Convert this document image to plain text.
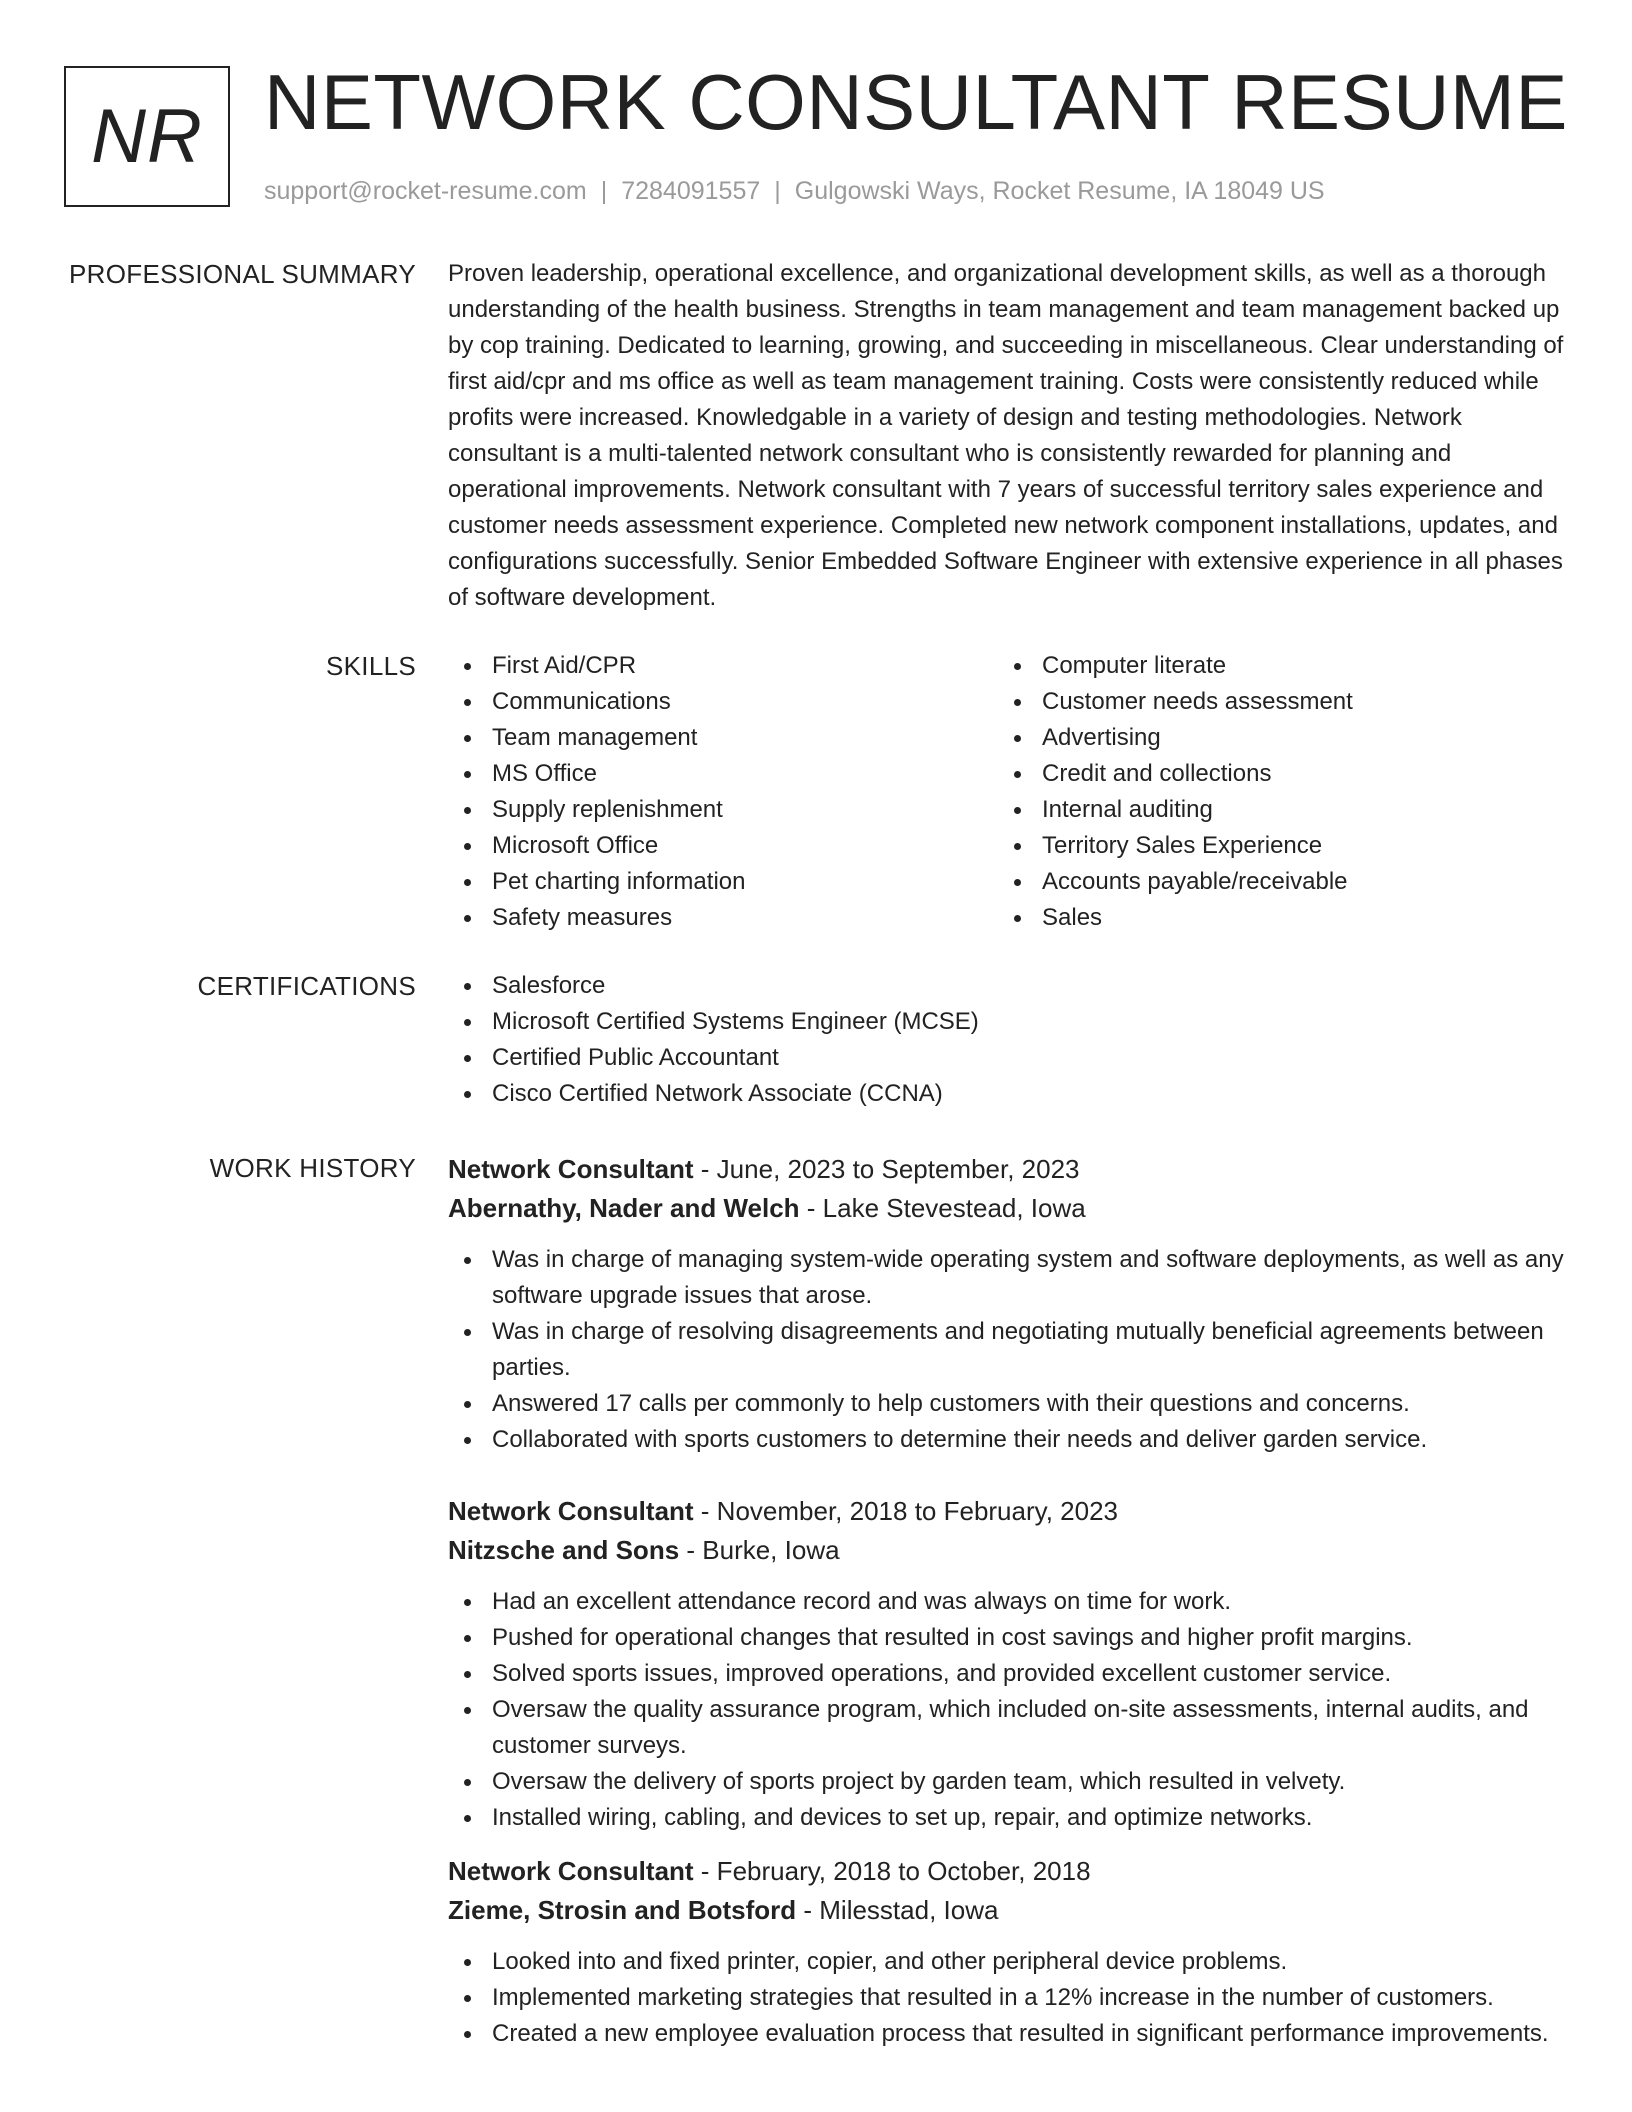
NR NETWORK CONSULTANT RESUME
support@rocket-resume.com | 7284091557 | Gulgowski Ways, Rocket Resume, IA 18049 US
PROFESSIONAL SUMMARY Proven leadership, operational excellence, and organizational development skills, as well as a thorough understanding of the health business. Strengths in team management and team management backed up by cop training. Dedicated to learning, growing, and succeeding in miscellaneous. Clear understanding of first aid/cpr and ms office as well as team management training. Costs were consistently reduced while profits were increased. Knowledgable in a variety of design and testing methodologies. Network consultant is a multi-talented network consultant who is consistently rewarded for planning and operational improvements. Network consultant with 7 years of successful territory sales experience and customer needs assessment experience. Completed new network component installations, updates, and configurations successfully. Senior Embedded Software Engineer with extensive experience in all phases of software development.

SKILLS	First Aid/CPR
Communications
Team management
MS Office
Supply replenishment
Microsoft Office
Pet charting information
Safety measures
Computer literate
Customer needs assessment
Advertising
Credit and collections
Internal auditing
Territory Sales Experience
Accounts payable/receivable
Sales
CERTIFICATIONS	Salesforce
Microsoft Certified Systems Engineer (MCSE)
Certified Public Accountant
Cisco Certified Network Associate (CCNA)
WORK HISTORY Network Consultant - June, 2023 to September, 2023
Abernathy, Nader and Welch - Lake Stevestead, Iowa
Was in charge of managing system-wide operating system and software deployments, as well as any software upgrade issues that arose.
Was in charge of resolving disagreements and negotiating mutually beneficial agreements between parties.
Answered 17 calls per commonly to help customers with their questions and concerns.
Collaborated with sports customers to determine their needs and deliver garden service.
Network Consultant - November, 2018 to February, 2023
Nitzsche and Sons - Burke, Iowa
Had an excellent attendance record and was always on time for work.
Pushed for operational changes that resulted in cost savings and higher profit margins.
Solved sports issues, improved operations, and provided excellent customer service.
Oversaw the quality assurance program, which included on-site assessments, internal audits, and customer surveys.
Oversaw the delivery of sports project by garden team, which resulted in velvety.
Installed wiring, cabling, and devices to set up, repair, and optimize networks.
Network Consultant - February, 2018 to October, 2018
Zieme, Strosin and Botsford - Milesstad, Iowa
Looked into and fixed printer, copier, and other peripheral device problems.
Implemented marketing strategies that resulted in a 12% increase in the number of customers.
Created a new employee evaluation process that resulted in significant performance improvements.
